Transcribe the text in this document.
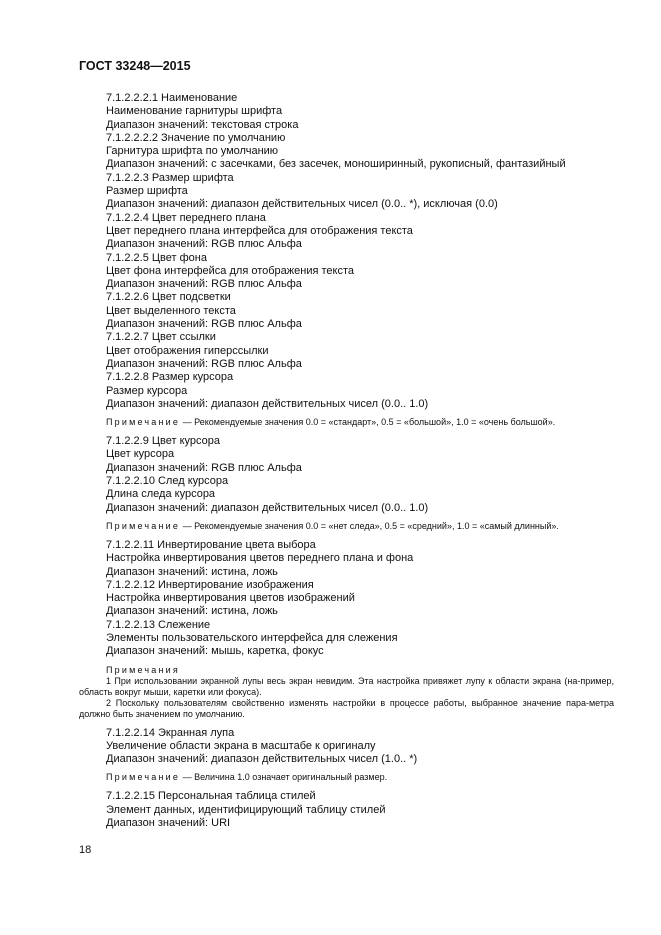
ГОСТ 33248—2015
7.1.2.2.2.1 Наименование
Наименование гарнитуры шрифта
Диапазон значений: текстовая строка
7.1.2.2.2.2 Значение по умолчанию
Гарнитура шрифта по умолчанию
Диапазон значений: с засечками, без засечек, моноширинный, рукописный, фантазийный
7.1.2.2.3 Размер шрифта
Размер шрифта
Диапазон значений: диапазон действительных чисел (0.0.. *), исключая (0.0)
7.1.2.2.4 Цвет переднего плана
Цвет переднего плана интерфейса для отображения текста
Диапазон значений: RGB плюс Альфа
7.1.2.2.5 Цвет фона
Цвет фона интерфейса для отображения текста
Диапазон значений: RGB плюс Альфа
7.1.2.2.6 Цвет подсветки
Цвет выделенного текста
Диапазон значений: RGB плюс Альфа
7.1.2.2.7 Цвет ссылки
Цвет отображения гиперссылки
Диапазон значений: RGB плюс Альфа
7.1.2.2.8 Размер курсора
Размер курсора
Диапазон значений: диапазон действительных чисел (0.0.. 1.0)
Примечание — Рекомендуемые значения 0.0 = «стандарт», 0.5 = «большой», 1.0 = «очень большой».
7.1.2.2.9 Цвет курсора
Цвет курсора
Диапазон значений: RGB плюс Альфа
7.1.2.2.10 След курсора
Длина следа курсора
Диапазон значений: диапазон действительных чисел (0.0.. 1.0)
Примечание — Рекомендуемые значения 0.0 = «нет следа», 0.5 = «средний», 1.0 = «самый длинный».
7.1.2.2.11 Инвертирование цвета выбора
Настройка инвертирования цветов переднего плана и фона
Диапазон значений: истина, ложь
7.1.2.2.12 Инвертирование изображения
Настройка инвертирования цветов изображений
Диапазон значений: истина, ложь
7.1.2.2.13 Слежение
Элементы пользовательского интерфейса для слежения
Диапазон значений: мышь, каретка, фокус
Примечания
1 При использовании экранной лупы весь экран невидим. Эта настройка привяжет лупу к области экрана (на-пример, область вокруг мыши, каретки или фокуса).
2 Поскольку пользователям свойственно изменять настройки в процессе работы, выбранное значение пара-метра должно быть значением по умолчанию.
7.1.2.2.14 Экранная лупа
Увеличение области экрана в масштабе к оригиналу
Диапазон значений: диапазон действительных чисел (1.0.. *)
Примечание — Величина 1.0 означает оригинальный размер.
7.1.2.2.15 Персональная таблица стилей
Элемент данных, идентифицирующий таблицу стилей
Диапазон значений: URI
18
